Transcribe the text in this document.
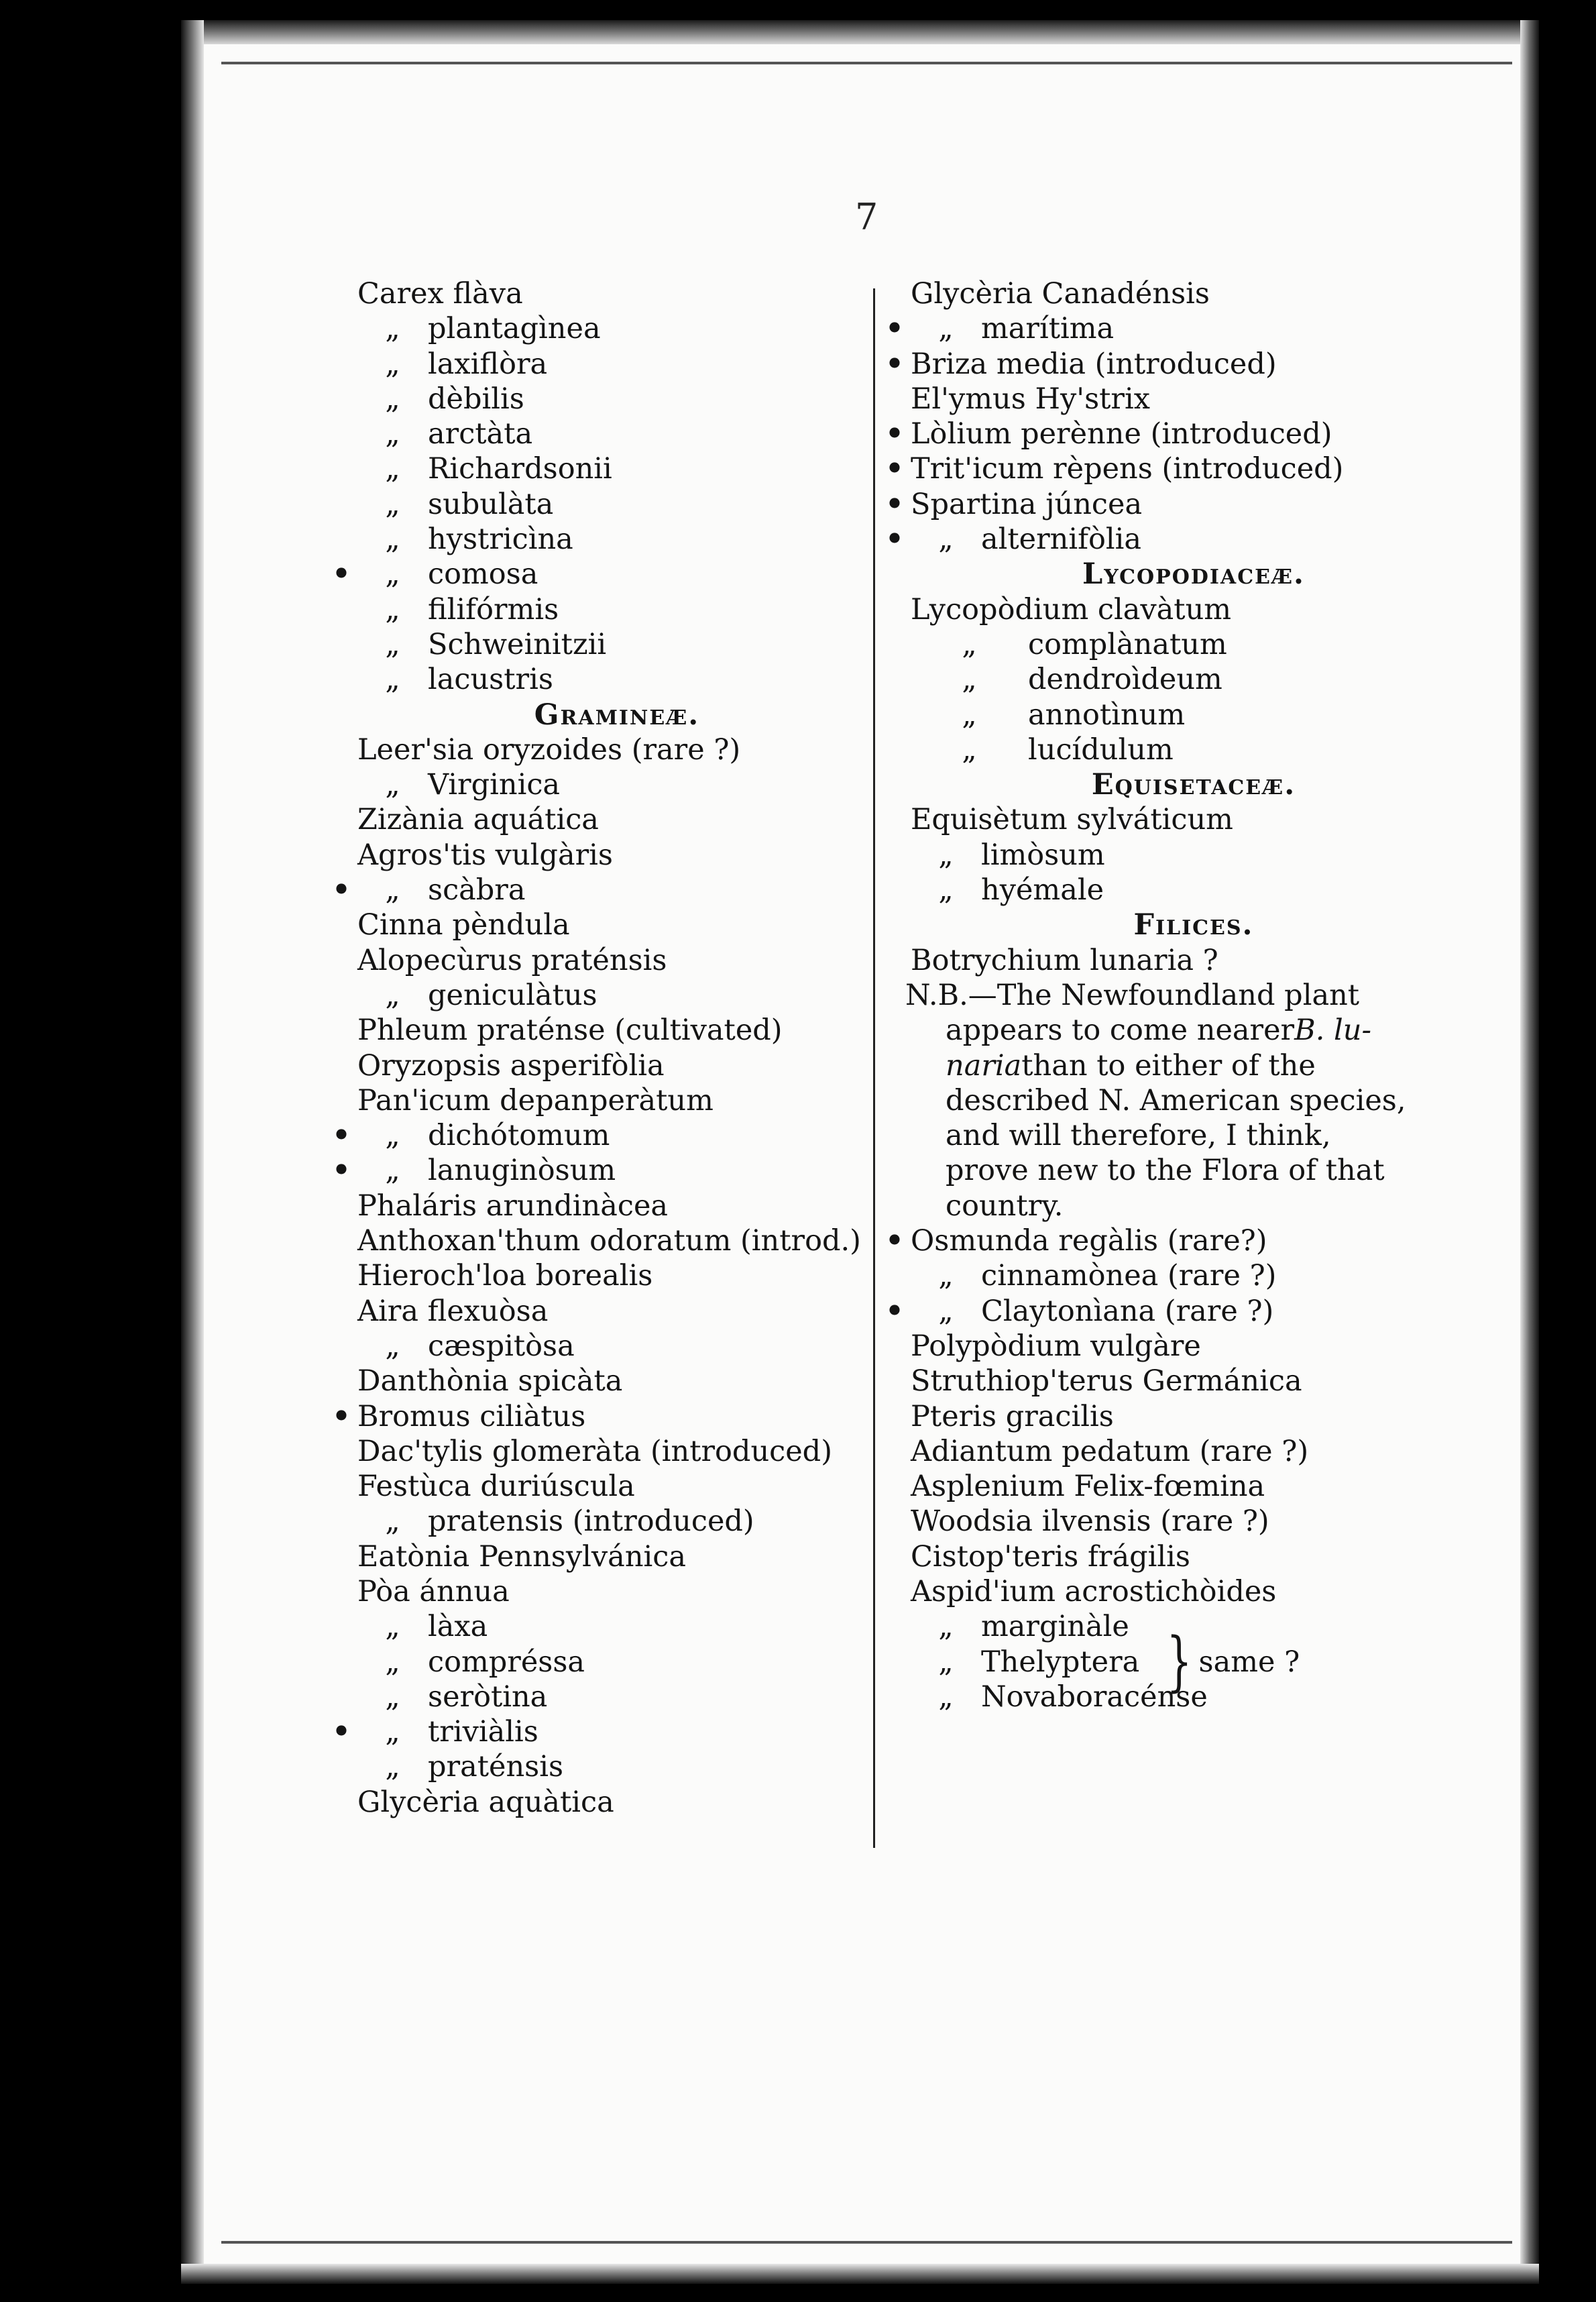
7
Carex flàva
„ plantagìnea
„ laxiflòra
„ dèbilis
„ arctàta
„ Richardsonii
„ subulàta
„ hystricìna
•	„ comosa
„ filifórmis
„ Schweinitzii
„ lacustris
Gramineæ.
Leer'sia oryzoides (rare ?)
„ Virginica
Zizània aquática
Agros'tis vulgàris
•	„ scàbra
Cinna pèndula
Alopecùrus praténsis
„ geniculàtus
Phleum praténse (cultivated)
Oryzopsis asperifòlia
Pan'icum depanperàtum
•	„ dichótomum
•	„ lanuginòsum
Phaláris arundinàcea
Anthoxan'thum odoratum (introd.)
Hieroch'loa borealis
Aira flexuòsa
„ cæspitòsa
Danthònia spicàta
• Bromus ciliàtus
Dac'tylis glomeràta (introduced)
Festùca duriúscula
„ pratensis (introduced)
Eatònia Pennsylvánica
Pòa ánnua
„ làxa
„ compréssa
„ seròtina
•	„ triviàlis
„ praténsis
Glycèria aquàtica
Glycèria Canadénsis
•	„ marítima
• Briza media (introduced)
El'ymus Hy'strix
• Lòlium perènne (introduced)
• Trit'icum rèpens (introduced)
• Spartina júncea
•	„ alternifòlia
Lycopodiaceæ.
Lycopòdium clavàtum
„	complànatum
„	dendroìdeum
„	annotìnum
„	lucídulum
Equisetaceæ.
Equisètum sylváticum
„ limòsum
„ hyémale
Filices.
Botrychium lunaria ?
N.B.—The Newfoundland plant
appears to come nearer B. lu-
naria than to either of the
described N. American species,
and will therefore, I think,
prove new to the Flora of that
country.
• Osmunda regàlis (rare?)
„ cinnamònea (rare ?)
•	„ Claytonìana (rare ?)
Polypòdium vulgàre
Struthiop'terus Germánica
Pteris gracilis
Adiantum pedatum (rare ?)
Asplenium Felix-fœmina
Woodsia ilvensis (rare ?)
Cistop'teris frágilis
Aspid'ium acrostichòides
„ marginàle
„ Thelyptera } same ?
„ Novaboracénse
